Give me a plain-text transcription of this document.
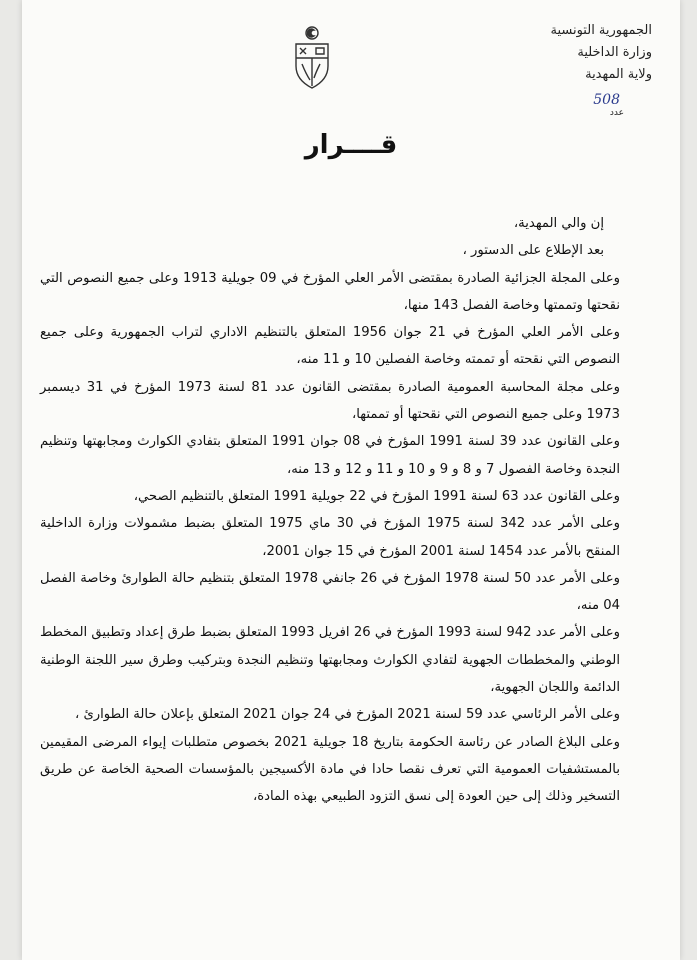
الجمهورية التونسية
وزارة الداخلية
ولاية المهدية
508
عدد
قــــرار

إن والي المهدية،

بعد الإطلاع على الدستور ،

وعلى المجلة الجزائية الصادرة بمقتضى الأمر العلي المؤرخ في 09 جويلية 1913 وعلى جميع النصوص التي نقحتها وتممتها وخاصة الفصل 143 منها،

وعلى الأمر العلي المؤرخ في 21 جوان 1956 المتعلق بالتنظيم الاداري لتراب الجمهورية وعلى جميع النصوص التي نقحته أو تممته وخاصة الفصلين 10 و 11 منه،

وعلى مجلة المحاسبة العمومية الصادرة بمقتضى القانون عدد 81 لسنة 1973 المؤرخ في 31 ديسمبر 1973 وعلى جميع النصوص التي نقحتها أو تممتها،

وعلى القانون عدد 39 لسنة 1991 المؤرخ في 08 جوان 1991 المتعلق بتفادي الكوارث ومجابهتها وتنظيم النجدة وخاصة الفصول 7 و 8 و 9 و 10 و 11 و 12 و 13 منه،

وعلى القانون عدد 63 لسنة 1991 المؤرخ في 22 جويلية 1991 المتعلق بالتنظيم الصحي،

وعلى الأمر عدد 342 لسنة 1975 المؤرخ في 30 ماي 1975 المتعلق بضبط مشمولات وزارة الداخلية المنقح بالأمر عدد 1454 لسنة 2001 المؤرخ في 15 جوان 2001،

وعلى الأمر عدد 50 لسنة 1978 المؤرخ في 26 جانفي 1978 المتعلق بتنظيم حالة الطوارئ وخاصة الفصل 04 منه،

وعلى الأمر عدد 942 لسنة 1993 المؤرخ في 26 افريل 1993 المتعلق بضبط طرق إعداد وتطبيق المخطط الوطني والمخططات الجهوية لتفادي الكوارث ومجابهتها وتنظيم النجدة وبتركيب وطرق سير اللجنة الوطنية الدائمة واللجان الجهوية،

وعلى الأمر الرئاسي عدد 59 لسنة 2021 المؤرخ في 24 جوان 2021 المتعلق بإعلان حالة الطوارئ ،

وعلى البلاغ الصادر عن رئاسة الحكومة بتاريخ 18 جويلية 2021 بخصوص متطلبات إيواء المرضى المقيمين بالمستشفيات العمومية التي تعرف نقصا حادا في مادة الأكسيجين بالمؤسسات الصحية الخاصة عن طريق التسخير وذلك إلى حين العودة إلى نسق التزود الطبيعي بهذه المادة،
